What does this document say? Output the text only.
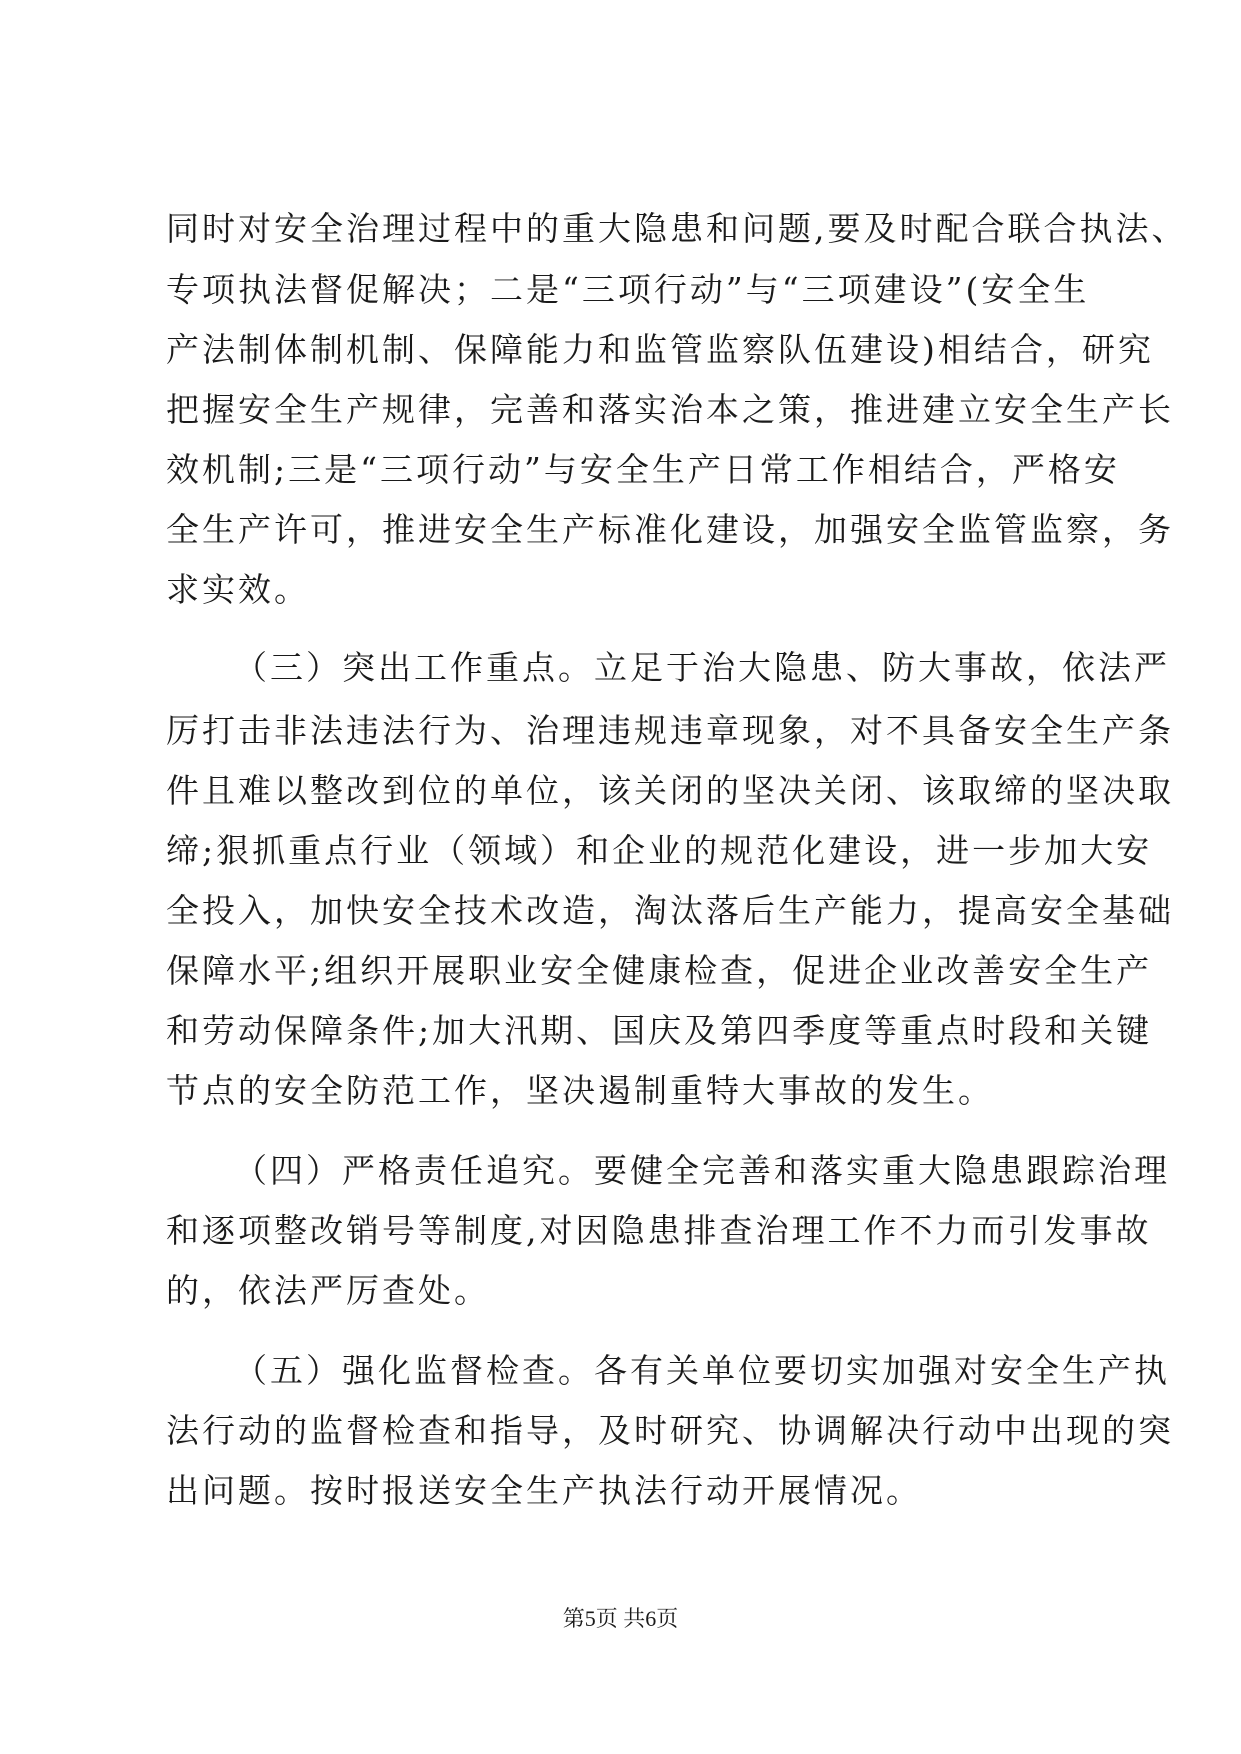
同时对安全治理过程中的重大隐患和问题,要及时配合联合执法、

专项执法督促解决；二是“三项行动”与“三项建设”(安全生

产法制体制机制、保障能力和监管监察队伍建设)相结合，研究

把握安全生产规律，完善和落实治本之策，推进建立安全生产长

效机制;三是“三项行动”与安全生产日常工作相结合，严格安

全生产许可，推进安全生产标准化建设，加强安全监管监察，务

求实效。

（三）突出工作重点。立足于治大隐患、防大事故，依法严

厉打击非法违法行为、治理违规违章现象，对不具备安全生产条

件且难以整改到位的单位，该关闭的坚决关闭、该取缔的坚决取

缔;狠抓重点行业（领域）和企业的规范化建设，进一步加大安

全投入，加快安全技术改造，淘汰落后生产能力，提高安全基础

保障水平;组织开展职业安全健康检查，促进企业改善安全生产

和劳动保障条件;加大汛期、国庆及第四季度等重点时段和关键

节点的安全防范工作，坚决遏制重特大事故的发生。

（四）严格责任追究。要健全完善和落实重大隐患跟踪治理

和逐项整改销号等制度,对因隐患排查治理工作不力而引发事故

的，依法严厉查处。

（五）强化监督检查。各有关单位要切实加强对安全生产执

法行动的监督检查和指导，及时研究、协调解决行动中出现的突

出问题。按时报送安全生产执法行动开展情况。

第5页 共6页
